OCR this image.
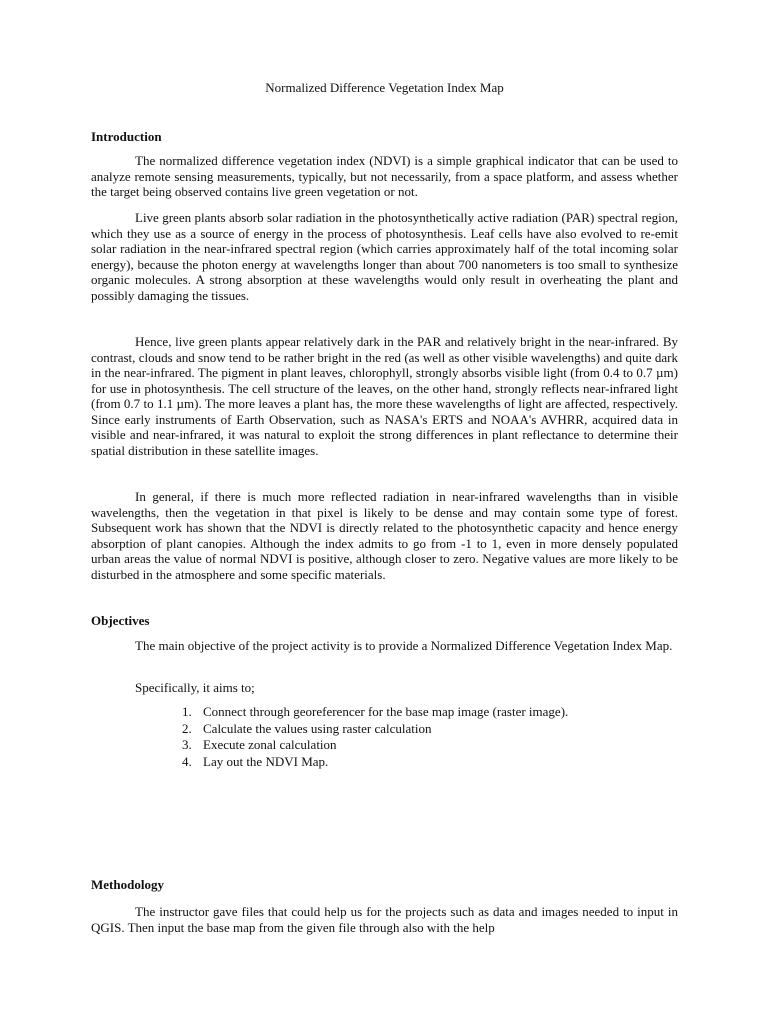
Normalized Difference Vegetation Index Map
Introduction

The normalized difference vegetation index (NDVI) is a simple graphical indicator that can be used to analyze remote sensing measurements, typically, but not necessarily, from a space platform, and assess whether the target being observed contains live green vegetation or not.

Live green plants absorb solar radiation in the photosynthetically active radiation (PAR) spectral region, which they use as a source of energy in the process of photosynthesis. Leaf cells have also evolved to re-emit solar radiation in the near-infrared spectral region (which carries approximately half of the total incoming solar energy), because the photon energy at wavelengths longer than about 700 nanometers is too small to synthesize organic molecules. A strong absorption at these wavelengths would only result in overheating the plant and possibly damaging the tissues.

Hence, live green plants appear relatively dark in the PAR and relatively bright in the near-infrared. By contrast, clouds and snow tend to be rather bright in the red (as well as other visible wavelengths) and quite dark in the near-infrared. The pigment in plant leaves, chlorophyll, strongly absorbs visible light (from 0.4 to 0.7 µm) for use in photosynthesis. The cell structure of the leaves, on the other hand, strongly reflects near-infrared light (from 0.7 to 1.1 µm). The more leaves a plant has, the more these wavelengths of light are affected, respectively. Since early instruments of Earth Observation, such as NASA's ERTS and NOAA's AVHRR, acquired data in visible and near-infrared, it was natural to exploit the strong differences in plant reflectance to determine their spatial distribution in these satellite images.

In general, if there is much more reflected radiation in near-infrared wavelengths than in visible wavelengths, then the vegetation in that pixel is likely to be dense and may contain some type of forest. Subsequent work has shown that the NDVI is directly related to the photosynthetic capacity and hence energy absorption of plant canopies. Although the index admits to go from -1 to 1, even in more densely populated urban areas the value of normal NDVI is positive, although closer to zero. Negative values are more likely to be disturbed in the atmosphere and some specific materials.

Objectives

The main objective of the project activity is to provide a Normalized Difference Vegetation Index Map.

Specifically, it aims to;

1. Connect through georeferencer for the base map image (raster image).
2. Calculate the values using raster calculation
3. Execute zonal calculation
4. Lay out the NDVI Map.
Methodology

The instructor gave files that could help us for the projects such as data and images needed to input in QGIS. Then input the base map from the given file through also with the help
